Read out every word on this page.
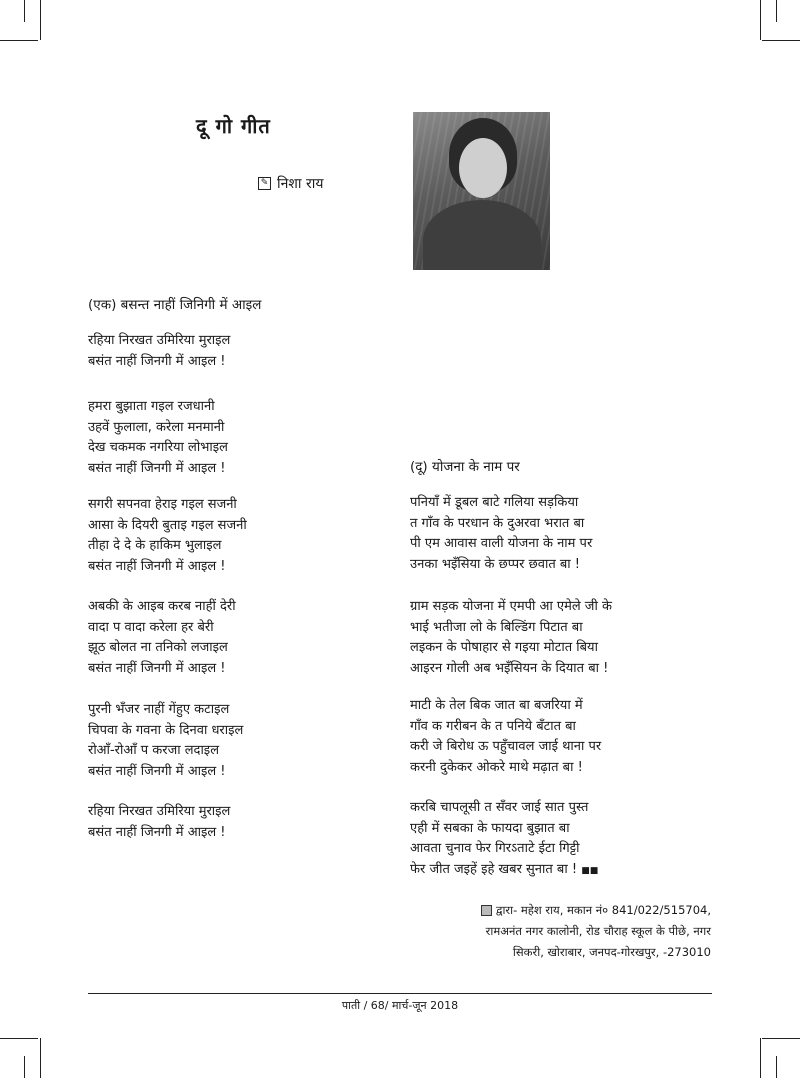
दू गो गीत
✎ निशा राय
(एक) बसन्त नाहीं जिनिगी में आइल
रहिया निरखत उमिरिया मुराइल
बसंत नाहीं जिनगी में आइल !
हमरा बुझाता गइल रजधानी
उहवें फुलाला, करेला मनमानी
देख चकमक नगरिया लोभाइल
बसंत नाहीं जिनगी में आइल !
सगरी सपनवा हेराइ गइल सजनी
आसा के दियरी बुताइ गइल सजनी
तीहा दे दे के हाकिम भुलाइल
बसंत नाहीं जिनगी में आइल !
अबकी के आइब करब नाहीं देरी
वादा प वादा करेला हर बेरी
झूठ बोलत ना तनिको लजाइल
बसंत नाहीं जिनगी में आइल !
पुरनी भँजर नाहीं गेंहुए कटाइल
चिपवा के गवना के दिनवा धराइल
रोआँ-रोआँ प करजा लदाइल
बसंत नाहीं जिनगी में आइल !
रहिया निरखत उमिरिया मुराइल
बसंत नाहीं जिनगी में आइल !
(दू) योजना के नाम पर
पनियाँ में डूबल बाटे गलिया सड़किया
त गाँव के परधान के दुअरवा भरात बा
पी एम आवास वाली योजना के नाम पर
उनका भइँसिया के छप्पर छवात बा !
ग्राम सड़क योजना में एमपी आ एमेले जी के
भाई भतीजा लो के बिल्डिंग पिटात बा
लइकन के पोषाहार से गइया मोटात बिया
आइरन गोली अब भइँसियन के दियात बा !
माटी के तेल बिक जात बा बजरिया में
गाँव क गरीबन के त पनिये बँटात बा
करी जे बिरोध ऊ पहुँचावल जाई थाना पर
करनी दुकेकर ओकरे माथे मढ़ात बा !
करबि चापलूसी त सँवर जाई सात पुस्त
एही में सबका के फायदा बुझात बा
आवता चुनाव फेर गिरऽताटे ईटा गिट्टी
फेर जीत जइहें इहे खबर सुनात बा ! ■■
द्वारा- महेश राय, मकान नं० 841/022/515704,
रामअनंत नगर कालोनी, रोड चौराह स्कूल के पीछे, नगर
सिकरी, खोराबार, जनपद-गोरखपुर, -273010
पाती / 68/ मार्च-जून 2018
